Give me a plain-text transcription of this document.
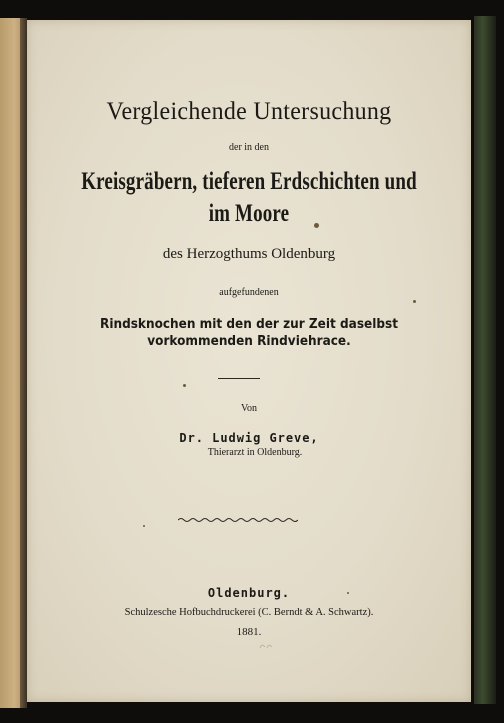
Vergleichende Untersuchung
der in den
Kreisgräbern, tieferen Erdschichten und
im Moore
des Herzogthums Oldenburg
aufgefundenen
Rindsknochen mit den der zur Zeit daselbst
vorkommenden Rindviehrace.
Von
Dr. Ludwig Greve,
Thierarzt in Oldenburg.
Oldenburg.
Schulzesche Hofbuchdruckerei (C. Berndt & A. Schwartz).
1881.
